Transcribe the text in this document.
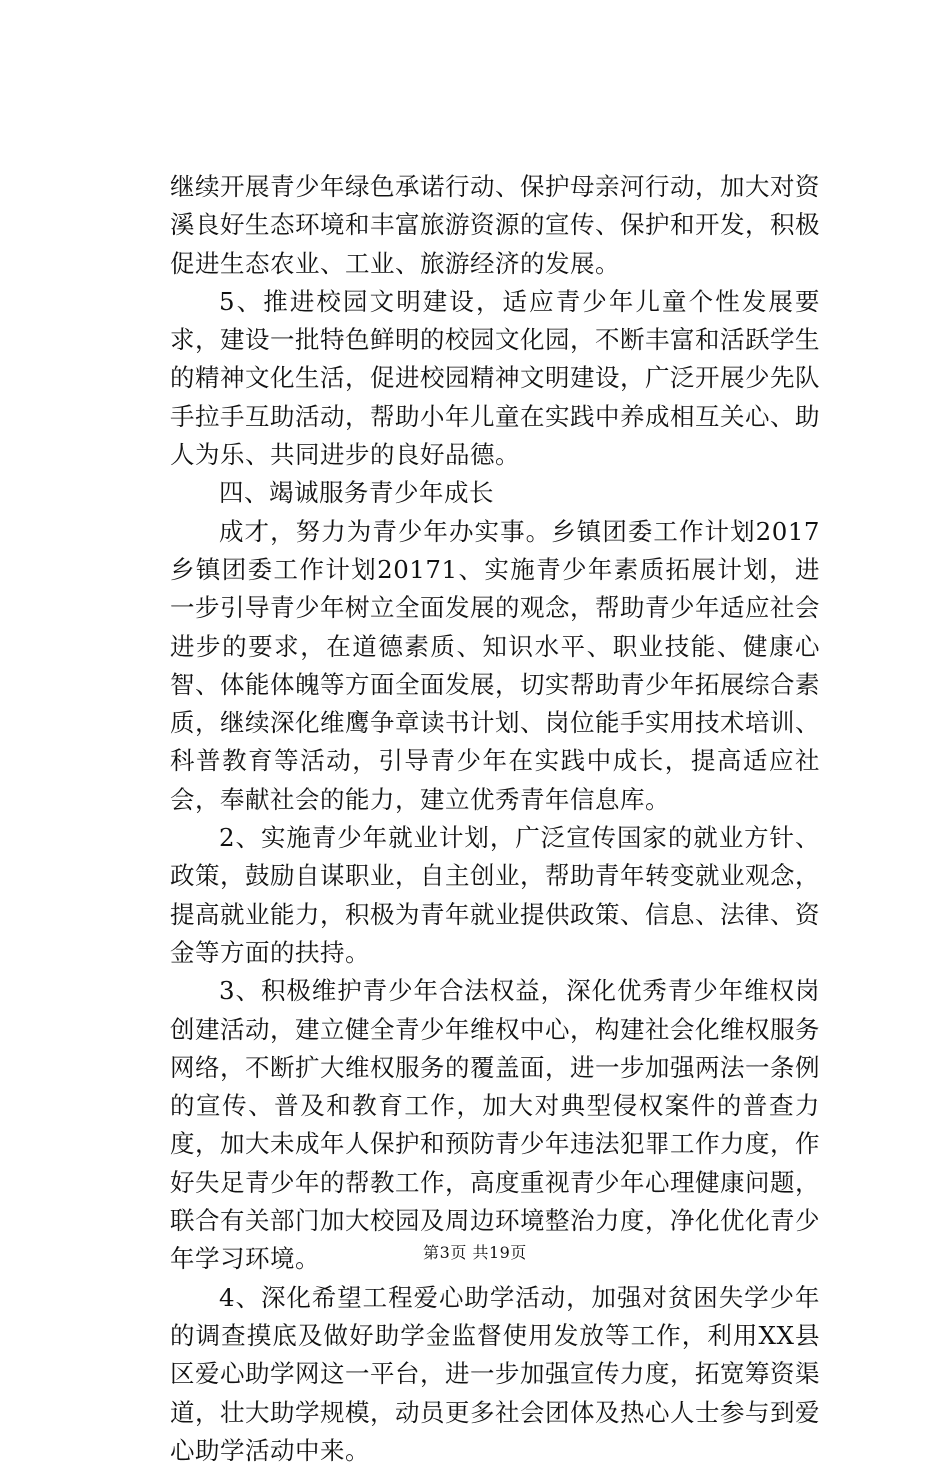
继续开展青少年绿色承诺行动、保护母亲河行动，加大对资溪良好生态环境和丰富旅游资源的宣传、保护和开发，积极促进生态农业、工业、旅游经济的发展。

5、推进校园文明建设，适应青少年儿童个性发展要求，建设一批特色鲜明的校园文化园，不断丰富和活跃学生的精神文化生活，促进校园精神文明建设，广泛开展少先队手拉手互助活动，帮助小年儿童在实践中养成相互关心、助人为乐、共同进步的良好品德。

四、竭诚服务青少年成长

成才，努力为青少年办实事。乡镇团委工作计划2017乡镇团委工作计划20171、实施青少年素质拓展计划，进一步引导青少年树立全面发展的观念，帮助青少年适应社会进步的要求，在道德素质、知识水平、职业技能、健康心智、体能体魄等方面全面发展，切实帮助青少年拓展综合素质，继续深化维鹰争章读书计划、岗位能手实用技术培训、科普教育等活动，引导青少年在实践中成长，提高适应社会，奉献社会的能力，建立优秀青年信息库。

2、实施青少年就业计划，广泛宣传国家的就业方针、政策，鼓励自谋职业，自主创业，帮助青年转变就业观念，提高就业能力，积极为青年就业提供政策、信息、法律、资金等方面的扶持。

3、积极维护青少年合法权益，深化优秀青少年维权岗创建活动，建立健全青少年维权中心，构建社会化维权服务网络，不断扩大维权服务的覆盖面，进一步加强两法一条例的宣传、普及和教育工作，加大对典型侵权案件的普查力度，加大未成年人保护和预防青少年违法犯罪工作力度，作好失足青少年的帮教工作，高度重视青少年心理健康问题，联合有关部门加大校园及周边环境整治力度，净化优化青少年学习环境。

4、深化希望工程爱心助学活动，加强对贫困失学少年的调查摸底及做好助学金监督使用发放等工作，利用XX县区爱心助学网这一平台，进一步加强宣传力度，拓宽筹资渠道，壮大助学规模，动员更多社会团体及热心人士参与到爱心助学活动中来。

第3页 共19页
